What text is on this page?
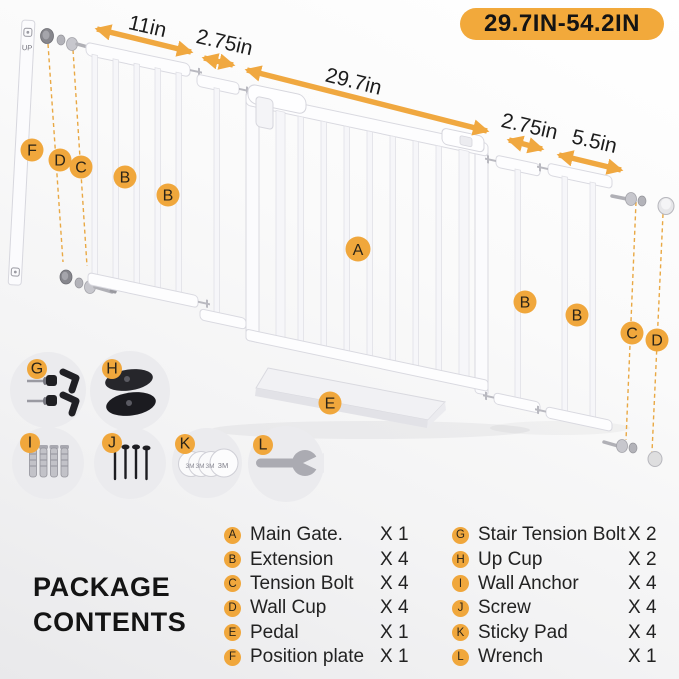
UP
11in 2.75in
29.7in
2.75in 5.5in
F
D C
B
B
A
E
B
B
C D
G	H
I	J
3M 3M 3M 3M
K	L
29.7IN-54.2IN
PACKAGE
CONTENTS
A Main Gate. X 1
B Extension X 4
C Tension Bolt X 4
D Wall Cup	X 4
E Pedal	X 1
F Position plate X 1
G Stair Tension Bolt X 2
H Up Cup	X 2
I Wall Anchor	X 4
J Screw	X 4
K Sticky Pad	X 4
L Wrench	X 1
